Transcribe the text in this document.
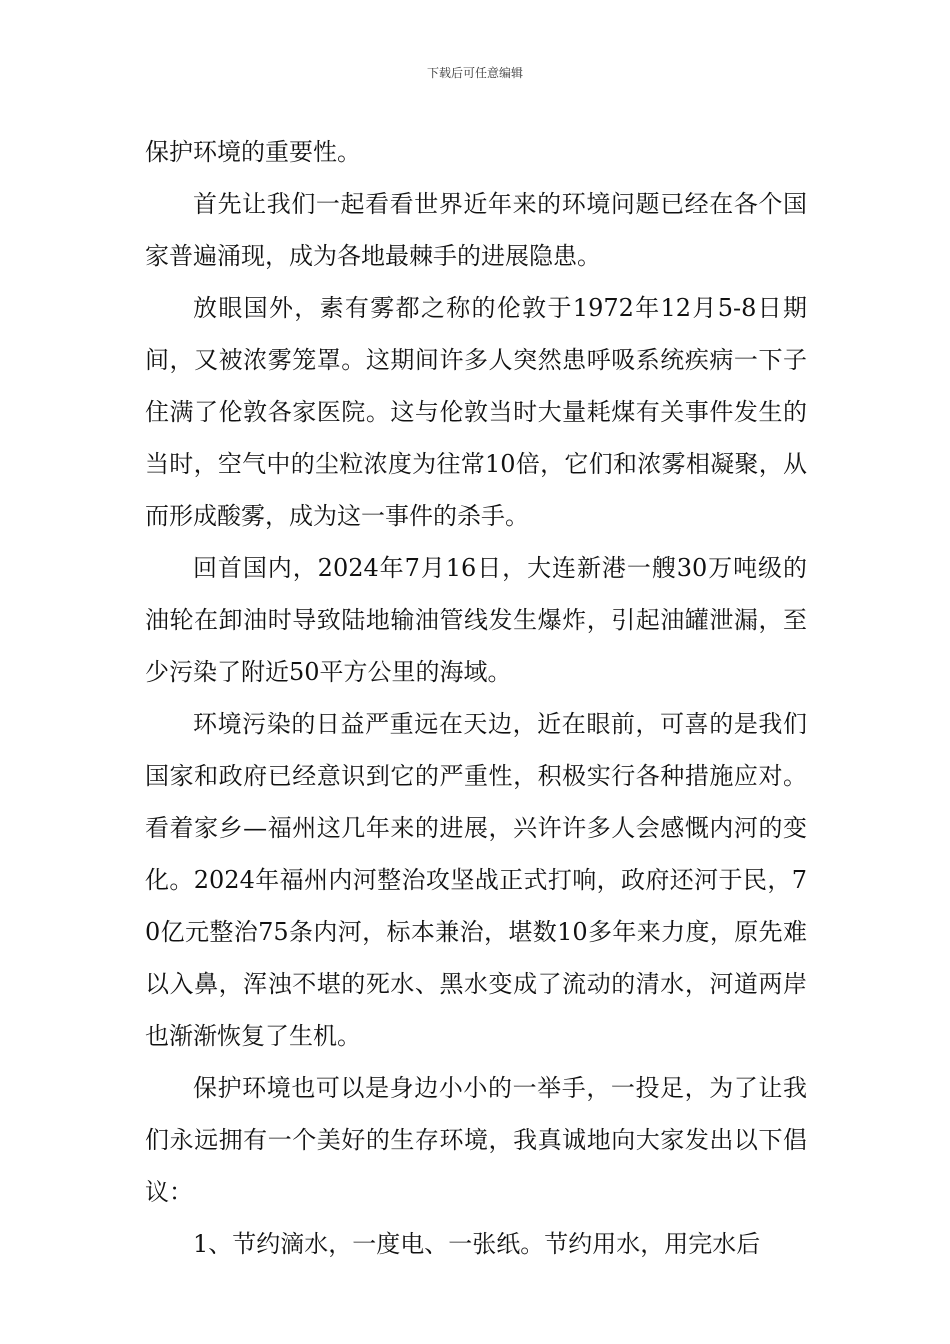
下载后可任意编辑

保护环境的重要性。

首先让我们一起看看世界近年来的环境问题已经在各个国家普遍涌现，成为各地最棘手的进展隐患。

放眼国外，素有雾都之称的伦敦于1972年12月5-8日期间，又被浓雾笼罩。这期间许多人突然患呼吸系统疾病一下子住满了伦敦各家医院。这与伦敦当时大量耗煤有关事件发生的当时，空气中的尘粒浓度为往常10倍，它们和浓雾相凝聚，从而形成酸雾，成为这一事件的杀手。

回首国内，2024年7月16日，大连新港一艘30万吨级的油轮在卸油时导致陆地输油管线发生爆炸，引起油罐泄漏，至少污染了附近50平方公里的海域。

环境污染的日益严重远在天边，近在眼前，可喜的是我们国家和政府已经意识到它的严重性，积极实行各种措施应对。看着家乡—福州这几年来的进展，兴许许多人会感慨内河的变化。2024年福州内河整治攻坚战正式打响，政府还河于民，70亿元整治75条内河，标本兼治，堪数10多年来力度，原先难以入鼻，浑浊不堪的死水、黑水变成了流动的清水，河道两岸也渐渐恢复了生机。

保护环境也可以是身边小小的一举手，一投足，为了让我们永远拥有一个美好的生存环境，我真诚地向大家发出以下倡议：

1、节约滴水，一度电、一张纸。节约用水，用完水后
